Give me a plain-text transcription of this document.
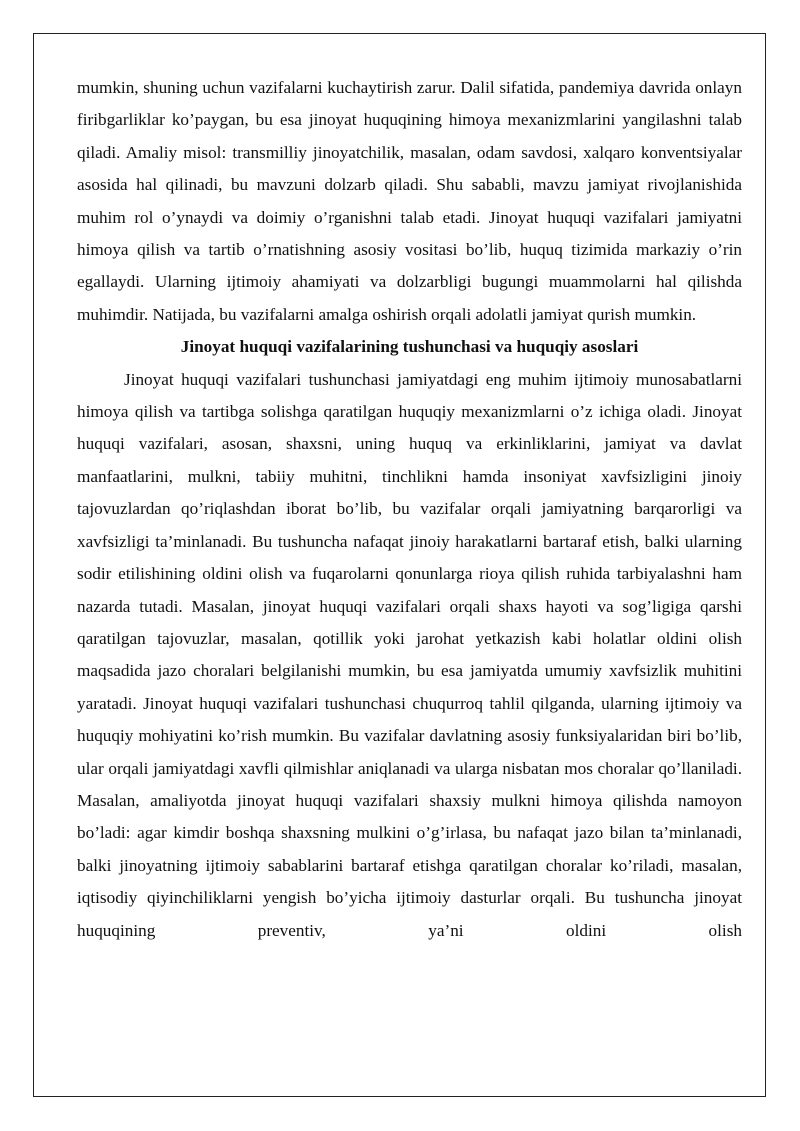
mumkin, shuning uchun vazifalarni kuchaytirish zarur. Dalil sifatida, pandemiya davrida onlayn firibgarliklar ko’paygan, bu esa jinoyat huquqining himoya mexanizmlarini yangilashni talab qiladi. Amaliy misol: transmilliy jinoyatchilik, masalan, odam savdosi, xalqaro konventsiyalar asosida hal qilinadi, bu mavzuni dolzarb qiladi. Shu sababli, mavzu jamiyat rivojlanishida muhim rol o’ynaydi va doimiy o’rganishni talab etadi. Jinoyat huquqi vazifalari jamiyatni himoya qilish va tartib o’rnatishning asosiy vositasi bo’lib, huquq tizimida markaziy o’rin egallaydi. Ularning ijtimoiy ahamiyati va dolzarbligi bugungi muammolarni hal qilishda muhimdir. Natijada, bu vazifalarni amalga oshirish orqali adolatli jamiyat qurish mumkin.

Jinoyat huquqi vazifalarining tushunchasi va huquqiy asoslari

Jinoyat huquqi vazifalari tushunchasi jamiyatdagi eng muhim ijtimoiy munosabatlarni himoya qilish va tartibga solishga qaratilgan huquqiy mexanizmlarni o’z ichiga oladi. Jinoyat huquqi vazifalari, asosan, shaxsni, uning huquq va erkinliklarini, jamiyat va davlat manfaatlarini, mulkni, tabiiy muhitni, tinchlikni hamda insoniyat xavfsizligini jinoiy tajovuzlardan qo’riqlashdan iborat bo’lib, bu vazifalar orqali jamiyatning barqarorligi va xavfsizligi ta’minlanadi. Bu tushuncha nafaqat jinoiy harakatlarni bartaraf etish, balki ularning sodir etilishining oldini olish va fuqarolarni qonunlarga rioya qilish ruhida tarbiyalashni ham nazarda tutadi. Masalan, jinoyat huquqi vazifalari orqali shaxs hayoti va sog’ligiga qarshi qaratilgan tajovuzlar, masalan, qotillik yoki jarohat yetkazish kabi holatlar oldini olish maqsadida jazo choralari belgilanishi mumkin, bu esa jamiyatda umumiy xavfsizlik muhitini yaratadi. Jinoyat huquqi vazifalari tushunchasi chuqurroq tahlil qilganda, ularning ijtimoiy va huquqiy mohiyatini ko’rish mumkin. Bu vazifalar davlatning asosiy funksiyalaridan biri bo’lib, ular orqali jamiyatdagi xavfli qilmishlar aniqlanadi va ularga nisbatan mos choralar qo’llaniladi. Masalan, amaliyotda jinoyat huquqi vazifalari shaxsiy mulkni himoya qilishda namoyon bo’ladi: agar kimdir boshqa shaxsning mulkini o’g’irlasa, bu nafaqat jazo bilan ta’minlanadi, balki jinoyatning ijtimoiy sabablarini bartaraf etishga qaratilgan choralar ko’riladi, masalan, iqtisodiy qiyinchiliklarni yengish bo’yicha ijtimoiy dasturlar orqali. Bu tushuncha jinoyat huquqining preventiv, ya’ni oldini olish
